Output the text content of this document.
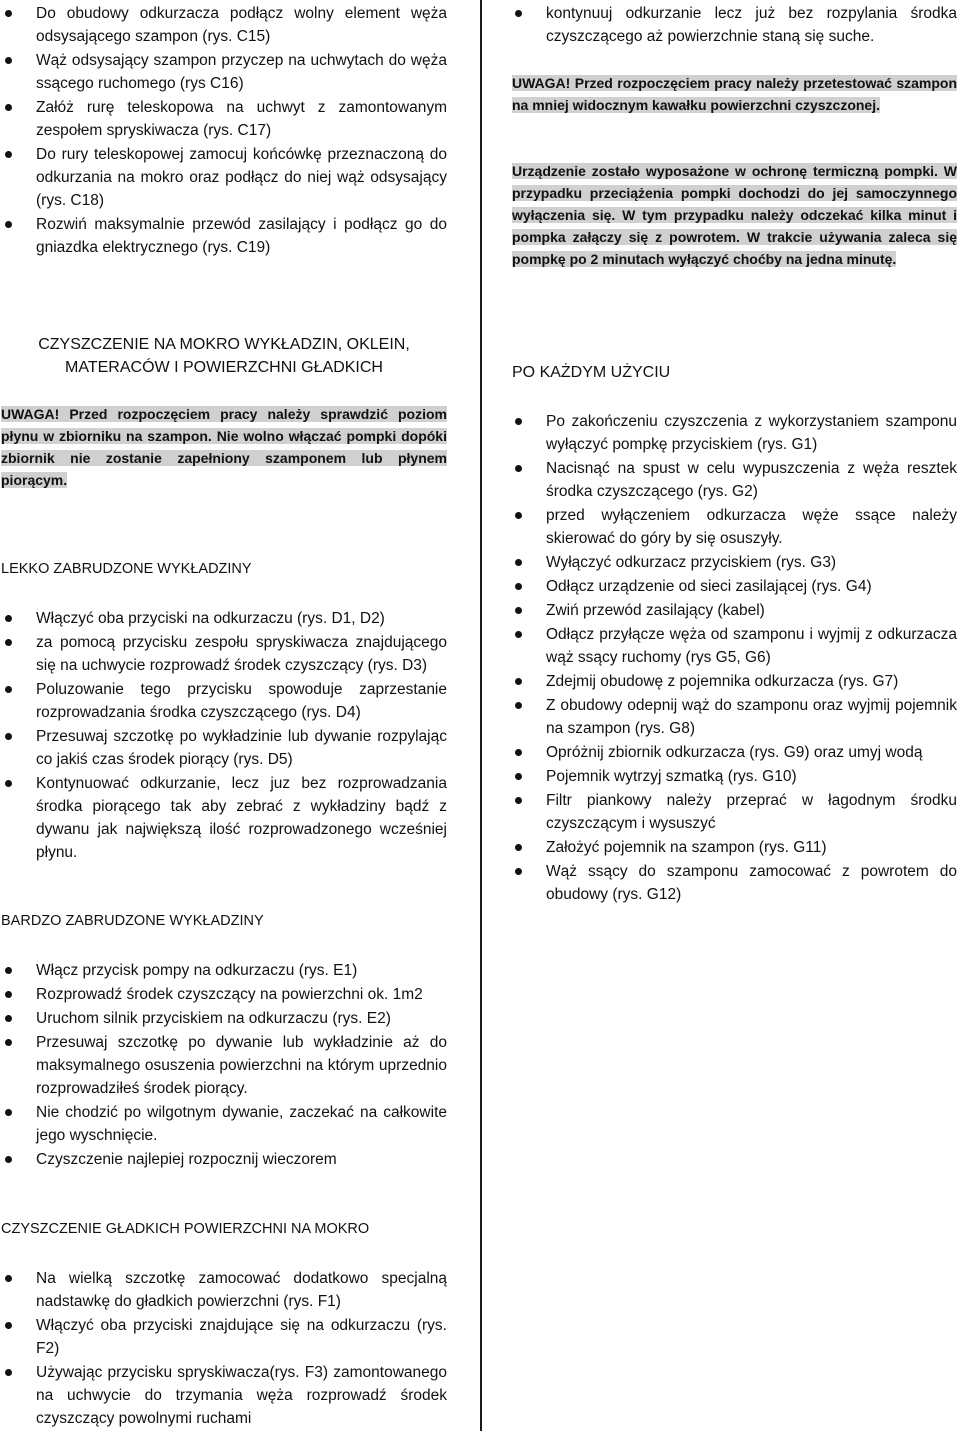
Do obudowy odkurzacza podłącz wolny element węża odsysającego szampon (rys. C15)
Wąż odsysający szampon przyczep na uchwytach do węża ssącego ruchomego (rys C16)
Załóż rurę teleskopowa na uchwyt z zamontowanym zespołem spryskiwacza (rys. C17)
Do rury teleskopowej zamocuj końcówkę przeznaczoną do odkurzania na mokro oraz podłącz do niej wąż odsysający (rys. C18)
Rozwiń maksymalnie przewód zasilający i podłącz go do gniazdka elektrycznego (rys. C19)
CZYSZCZENIE NA MOKRO WYKŁADZIN, OKLEIN, MATERACÓW I POWIERZCHNI GŁADKICH
UWAGA! Przed rozpoczęciem pracy należy sprawdzić poziom płynu w zbiorniku na szampon. Nie wolno włączać pompki dopóki zbiornik nie zostanie zapełniony szamponem lub płynem piorącym.
LEKKO ZABRUDZONE WYKŁADZINY
Włączyć oba przyciski na odkurzaczu (rys. D1, D2)
za pomocą przycisku zespołu spryskiwacza znajdującego się na uchwycie rozprowadź środek czyszczący (rys. D3)
Poluzowanie tego przycisku spowoduje zaprzestanie rozprowadzania środka czyszczącego (rys. D4)
Przesuwaj szczotkę po wykładzinie lub dywanie rozpylając co jakiś czas środek piorący (rys. D5)
Kontynuować odkurzanie, lecz juz bez rozprowadzania środka piorącego tak aby zebrać z wykładziny bądź z dywanu jak największą ilość rozprowadzonego wcześniej płynu.
BARDZO ZABRUDZONE WYKŁADZINY
Włącz przycisk pompy na odkurzaczu (rys. E1)
Rozprowadź środek czyszczący na powierzchni ok. 1m2
Uruchom silnik przyciskiem na odkurzaczu (rys. E2)
Przesuwaj szczotkę po dywanie lub wykładzinie aż do maksymalnego osuszenia powierzchni na którym uprzednio rozprowadziłeś środek piorący.
Nie chodzić po wilgotnym dywanie, zaczekać na całkowite jego wyschnięcie.
Czyszczenie najlepiej rozpocznij wieczorem
CZYSZCZENIE GŁADKICH POWIERZCHNI NA MOKRO
Na wielką szczotkę zamocować dodatkowo specjalną nadstawkę do gładkich powierzchni (rys. F1)
Włączyć oba przyciski znajdujące się na odkurzaczu (rys. F2)
Używając przycisku spryskiwacza(rys. F3) zamontowanego na uchwycie do trzymania węża rozprowadź środek czyszczący powolnymi ruchami
kontynuuj odkurzanie lecz już bez rozpylania środka czyszczącego aż powierzchnie staną się suche.
UWAGA! Przed rozpoczęciem pracy należy przetestować szampon na mniej widocznym kawałku powierzchni czyszczonej.
Urządzenie zostało wyposażone w ochronę termiczną pompki. W przypadku przeciążenia pompki dochodzi do jej samoczynnego wyłączenia się. W tym przypadku należy odczekać kilka minut i pompka załączy się z powrotem. W trakcie używania zaleca się pompkę po 2 minutach wyłączyć choćby na jedna minutę.
PO KAŻDYM UŻYCIU
Po zakończeniu czyszczenia z wykorzystaniem szamponu wyłączyć pompkę przyciskiem (rys. G1)
Nacisnąć na spust w celu wypuszczenia z węża resztek środka czyszczącego (rys. G2)
przed wyłączeniem odkurzacza węże ssące należy skierować do góry by się osuszyły.
Wyłączyć odkurzacz przyciskiem (rys. G3)
Odłącz urządzenie od sieci zasilającej (rys. G4)
Zwiń przewód zasilający (kabel)
Odłącz przyłącze węża od szamponu i wyjmij z odkurzacza wąż ssący ruchomy (rys G5, G6)
Zdejmij obudowę z pojemnika odkurzacza (rys. G7)
Z obudowy odepnij wąż do szamponu oraz wyjmij pojemnik na szampon (rys. G8)
Opróżnij zbiornik odkurzacza (rys. G9) oraz umyj wodą
Pojemnik wytrzyj szmatką (rys. G10)
Filtr piankowy należy przeprać w łagodnym środku czyszczącym i wysuszyć
Założyć pojemnik na szampon (rys. G11)
Wąż ssący do szamponu zamocować z powrotem do obudowy (rys. G12)
